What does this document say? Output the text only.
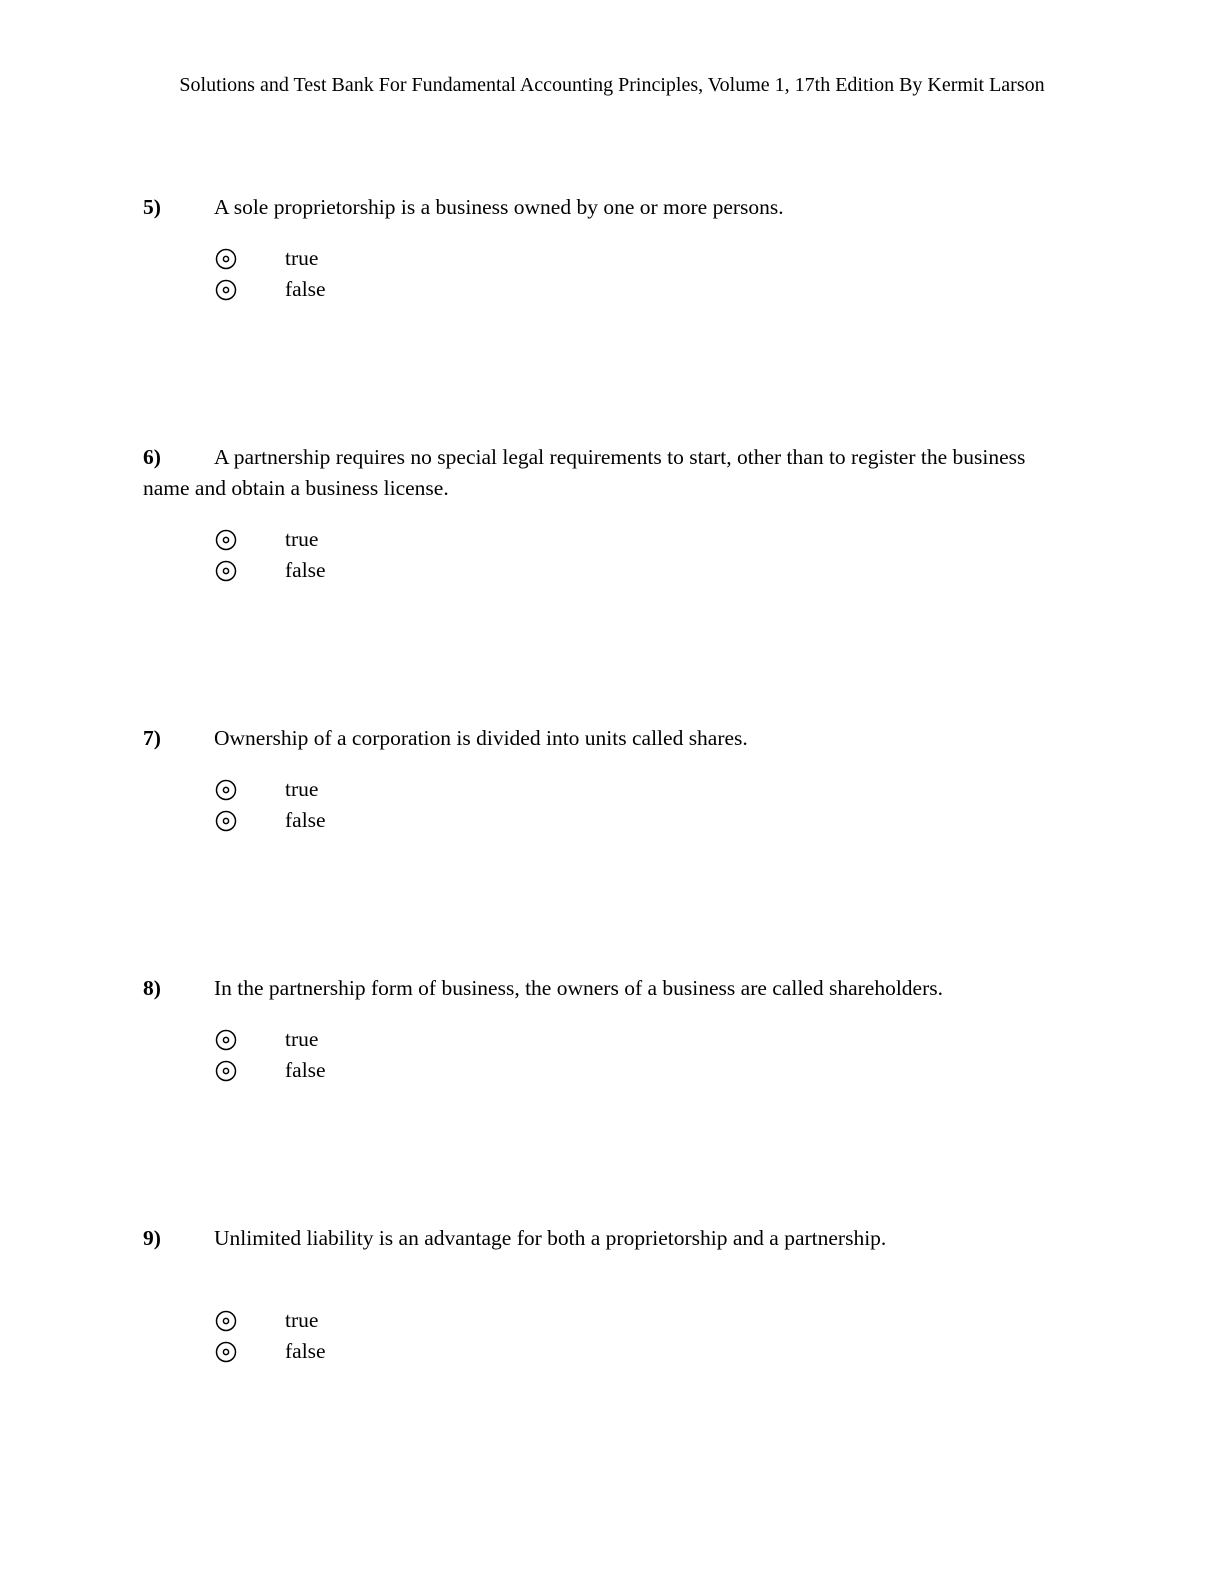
Solutions and Test Bank For Fundamental Accounting Principles, Volume 1, 17th Edition By Kermit Larson
5) A sole proprietorship is a business owned by one or more persons.
true
false
6) A partnership requires no special legal requirements to start, other than to register the business name and obtain a business license.
true
false
7) Ownership of a corporation is divided into units called shares.
true
false
8) In the partnership form of business, the owners of a business are called shareholders.
true
false
9) Unlimited liability is an advantage for both a proprietorship and a partnership.
true
false
